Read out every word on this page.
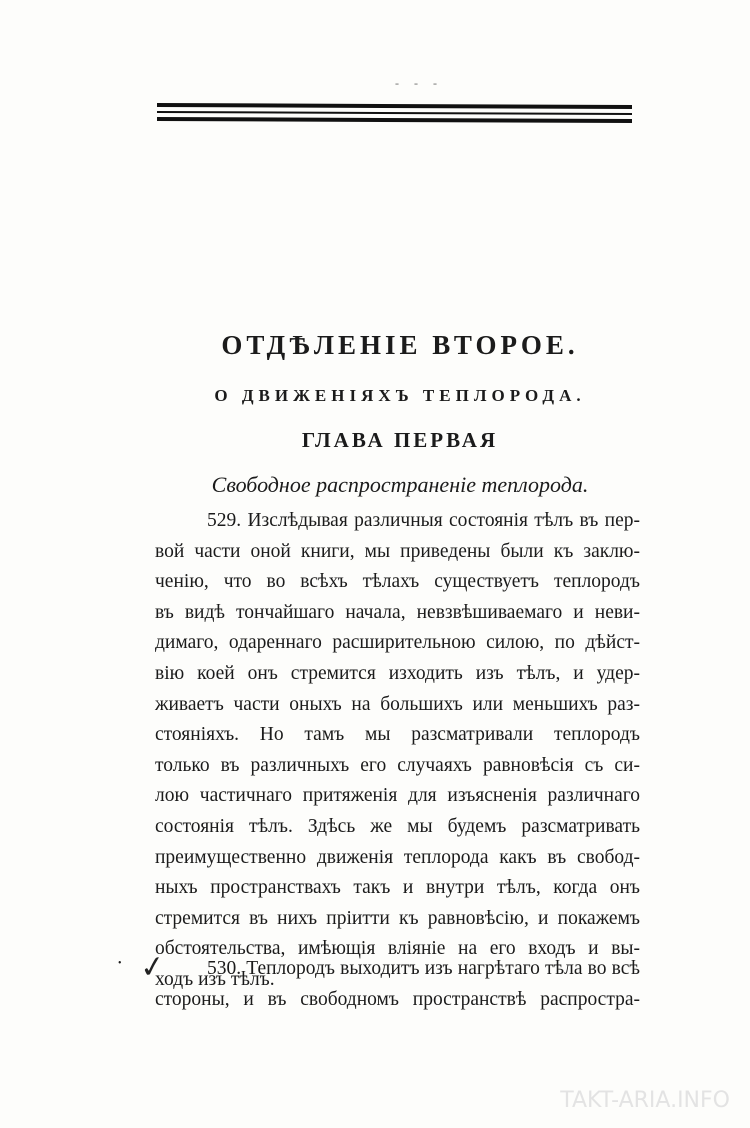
- - -
ОТДѢЛЕНІЕ ВТОРОЕ.
О ДВИЖЕНІЯХЪ ТЕПЛОРОДА.
ГЛАВА ПЕРВАЯ
Свободное распространеніе теплорода.
529. Изслѣдывая различныя состоянія тѣлъ въ пер-
вой части оной книги, мы приведены были къ заклю-
ченію, что во всѣхъ тѣлахъ существуетъ теплородъ
въ видѣ тончайшаго начала, невзвѣшиваемаго и неви-
димаго, одареннаго расширительною силою, по дѣйст-
вію коей онъ стремится изходить изъ тѣлъ, и удер-
живаетъ части оныхъ на большихъ или меньшихъ раз-
стояніяхъ. Но тамъ мы разсматривали теплородъ
только въ различныхъ его случаяхъ равновѣсія съ си-
лою частичнаго притяженія для изъясненія различнаго
состоянія тѣлъ. Здѣсь же мы будемъ разсматривать
преимущественно движенія теплорода какъ въ свобод-
ныхъ пространствахъ такъ и внутри тѣлъ, когда онъ
стремится въ нихъ пріитти къ равновѣсію, и покажемъ
обстоятельства, имѣющія вліяніе на его входъ и вы-
ходъ изъ тѣлъ.
✓
•	530. Теплородъ выходитъ изъ нагрѣтаго тѣла во всѣ
стороны, и въ свободномъ пространствѣ распростра-
TAKT-ARIA.INFO
